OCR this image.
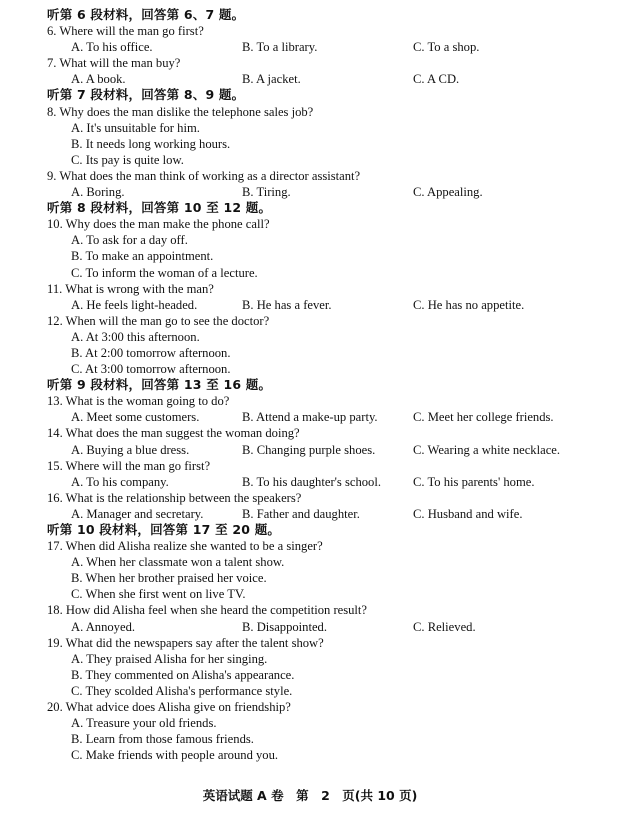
听第 6 段材料，回答第 6、7 题。
6. Where will the man go first?
A. To his office.	B. To a library.	C. To a shop.
7. What will the man buy?
A. A book.	B. A jacket.	C. A CD.
听第 7 段材料，回答第 8、9 题。
8. Why does the man dislike the telephone sales job?
A. It's unsuitable for him.
B. It needs long working hours.
C. Its pay is quite low.
9. What does the man think of working as a director assistant?
A. Boring.	B. Tiring.	C. Appealing.
听第 8 段材料，回答第 10 至 12 题。
10. Why does the man make the phone call?
A. To ask for a day off.
B. To make an appointment.
C. To inform the woman of a lecture.
11. What is wrong with the man?
A. He feels light-headed.	B. He has a fever.	C. He has no appetite.
12. When will the man go to see the doctor?
A. At 3:00 this afternoon.
B. At 2:00 tomorrow afternoon.
C. At 3:00 tomorrow afternoon.
听第 9 段材料，回答第 13 至 16 题。
13. What is the woman going to do?
A. Meet some customers.	B. Attend a make-up party.	C. Meet her college friends.
14. What does the man suggest the woman doing?
A. Buying a blue dress.	B. Changing purple shoes.	C. Wearing a white necklace.
15. Where will the man go first?
A. To his company.	B. To his daughter's school.	C. To his parents' home.
16. What is the relationship between the speakers?
A. Manager and secretary.	B. Father and daughter.	C. Husband and wife.
听第 10 段材料，回答第 17 至 20 题。
17. When did Alisha realize she wanted to be a singer?
A. When her classmate won a talent show.
B. When her brother praised her voice.
C. When she first went on live TV.
18. How did Alisha feel when she heard the competition result?
A. Annoyed.	B. Disappointed.	C. Relieved.
19. What did the newspapers say after the talent show?
A. They praised Alisha for her singing.
B. They commented on Alisha's appearance.
C. They scolded Alisha's performance style.
20. What advice does Alisha give on friendship?
A. Treasure your old friends.
B. Learn from those famous friends.
C. Make friends with people around you.
英语试题 A 卷　第　2　页(共 10 页)
